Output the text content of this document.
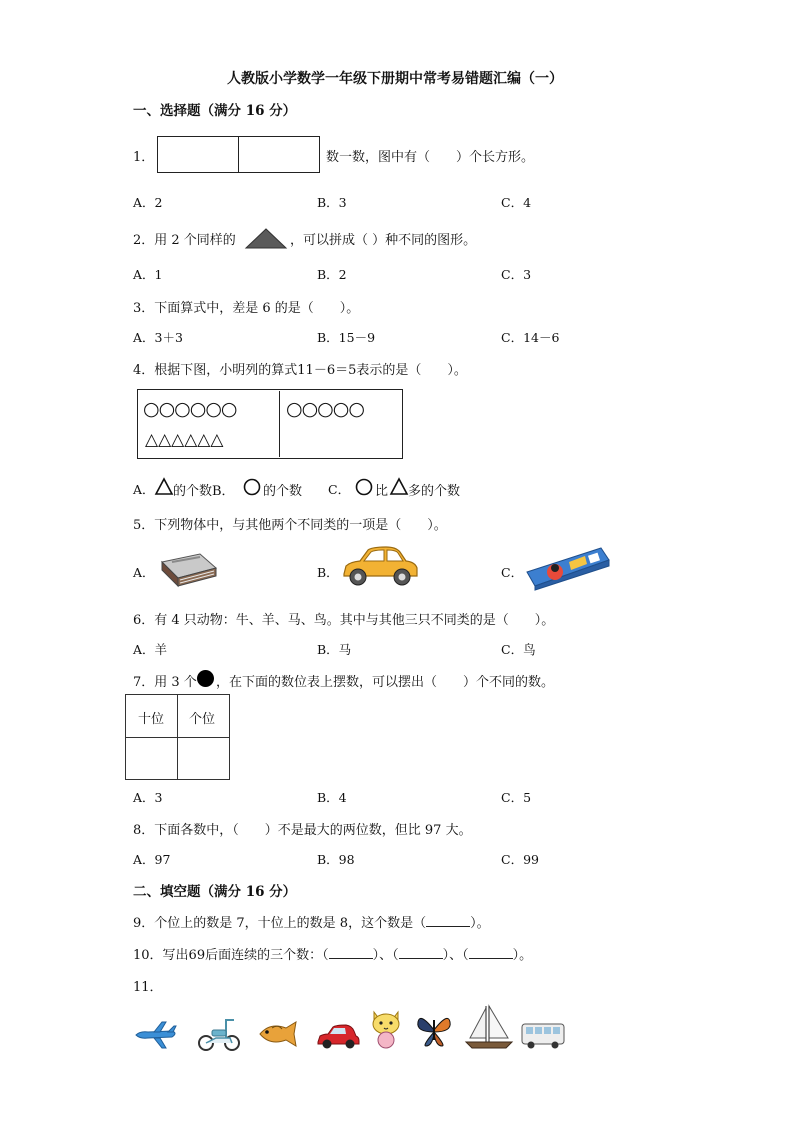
人教版小学数学一年级下册期中常考易错题汇编（一）
一、选择题（满分 16 分）
1．	数一数，图中有（　　）个长方形。
A．2	B．3	C．4
2．用 2 个同样的	，可以拼成（ ）种不同的图形。
A．1	B．2	C．3
3．下面算式中，差是 6 的是（　　）。
A．3＋3	B．15－9	C．14－6
4．根据下图，小明列的算式11－6＝5表示的是（　　）。
○○○○○○
△△△△△△
○○○○○
A． 的个数B． 的个数 C． 比 多的个数
5．下列物体中，与其他两个不同类的一项是（　　）。
A．	B．	C．
6．有 4 只动物：牛、羊、马、鸟。其中与其他三只不同类的是（　　）。
A．羊	B．马	C．鸟
7．用 3 个 ，在下面的数位表上摆数，可以摆出（　　）个不同的数。
十位 个位
A．3	B．4	C．5
8．下面各数中，（　　）不是最大的两位数，但比 97 大。
A．97	B．98	C．99
二、填空题（满分 16 分）
9．个位上的数是 7，十位上的数是 8，这个数是（	）。
10．写出69后面连续的三个数：（	）、（	）、（	）。
11．
